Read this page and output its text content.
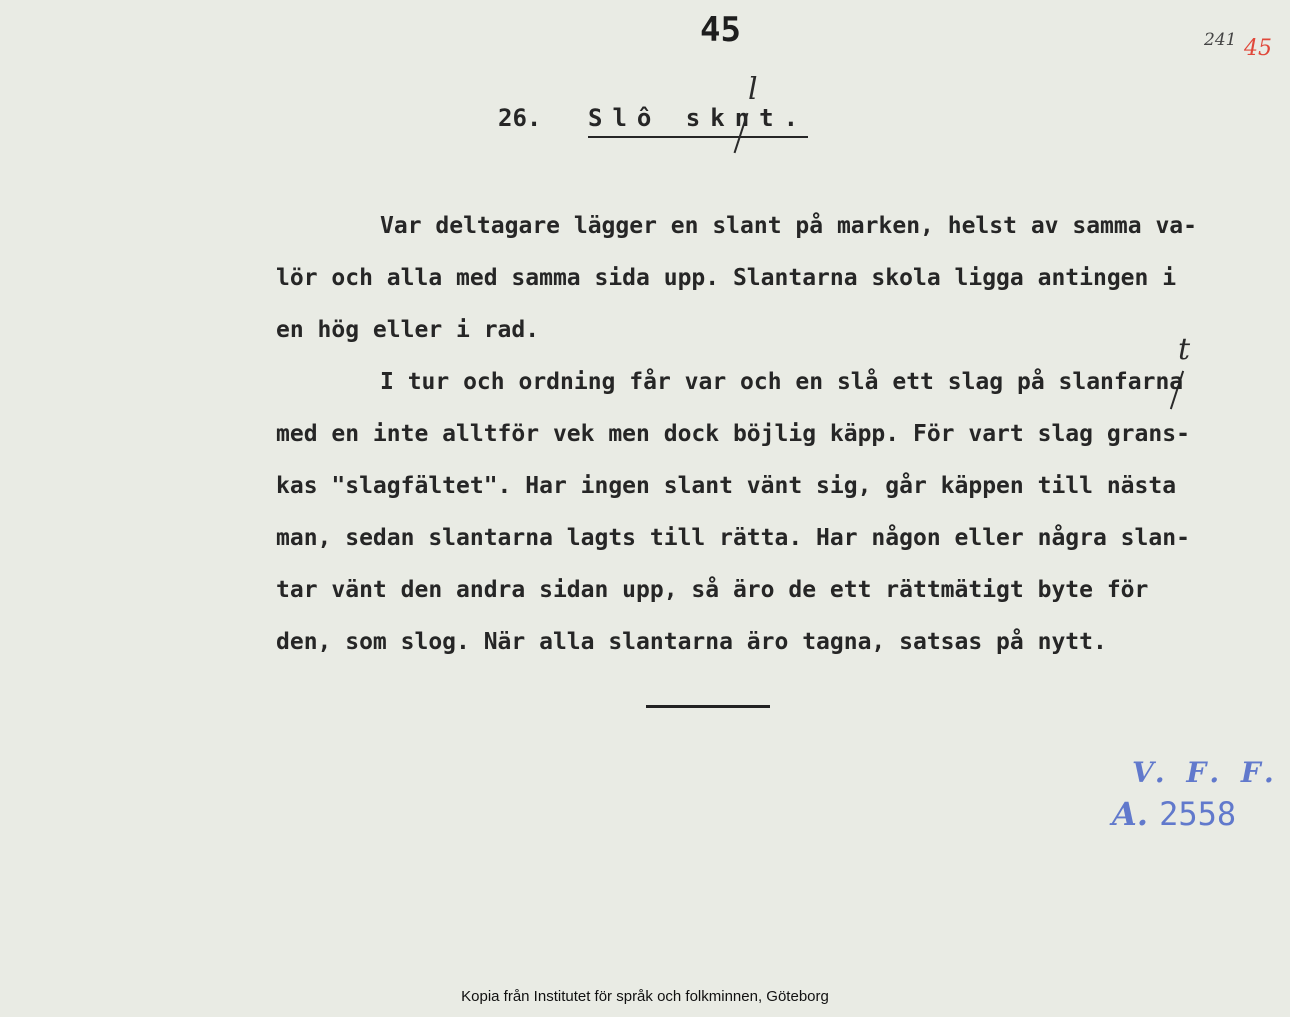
45	241 45
26. Slô sknt.
l
t
Var deltagare lägger en slant på marken, helst av samma va-
lör och alla med samma sida upp. Slantarna skola ligga antingen i
en hög eller i rad.
I tur och ordning får var och en slå ett slag på slanfarna
med en inte alltför vek men dock böjlig käpp. För vart slag grans-
kas "slagfältet". Har ingen slant vänt sig, går käppen till nästa
man, sedan slantarna lagts till rätta. Har någon eller några slan-
tar vänt den andra sidan upp, så äro de ett rättmätigt byte för
den, som slog. När alla slantarna äro tagna, satsas på nytt.
V. F. F.
A. 2558
Kopia från Institutet för språk och folkminnen, Göteborg
